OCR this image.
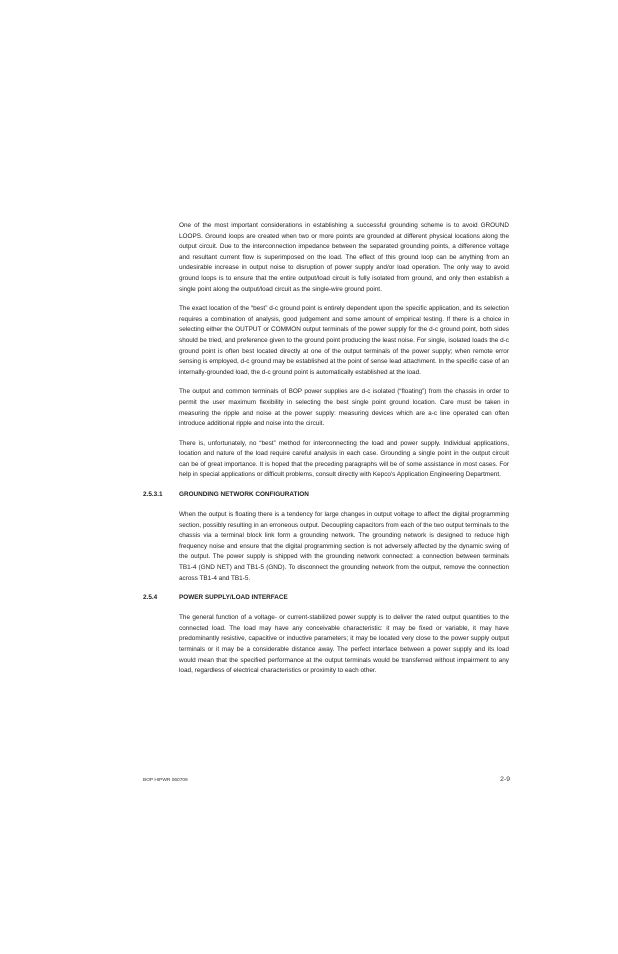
One of the most important considerations in establishing a successful grounding scheme is to avoid GROUND LOOPS. Ground loops are created when two or more points are grounded at different physical locations along the output circuit. Due to the interconnection impedance between the separated grounding points, a difference voltage and resultant current flow is superimposed on the load. The effect of this ground loop can be anything from an undesirable increase in output noise to disruption of power supply and/or load operation. The only way to avoid ground loops is to ensure that the entire output/load circuit is fully isolated from ground, and only then establish a single point along the output/load circuit as the single-wire ground point.

The exact location of the “best” d-c ground point is entirely dependent upon the specific application, and its selection requires a combination of analysis, good judgement and some amount of empirical testing. If there is a choice in selecting either the OUTPUT or COMMON output terminals of the power supply for the d-c ground point, both sides should be tried, and preference given to the ground point producing the least noise. For single, isolated loads the d-c ground point is often best located directly at one of the output terminals of the power supply; when remote error sensing is employed, d-c ground may be established at the point of sense lead attachment. In the specific case of an internally-grounded load, the d-c ground point is automatically established at the load.

The output and common terminals of BOP power supplies are d-c isolated (“floating”) from the chassis in order to permit the user maximum flexibility in selecting the best single point ground location. Care must be taken in measuring the ripple and noise at the power supply: measuring devices which are a-c line operated can often introduce additional ripple and noise into the circuit.

There is, unfortunately, no “best” method for interconnecting the load and power supply. Individual applications, location and nature of the load require careful analysis in each case. Grounding a single point in the output circuit can be of great importance. It is hoped that the preceding paragraphs will be of some assistance in most cases. For help in special applications or difficult problems, consult directly with Kepco's Application Engineering Department.

2.5.3.1	GROUNDING NETWORK CONFIGURATION

When the output is floating there is a tendency for large changes in output voltage to affect the digital programming section, possibly resulting in an erroneous output. Decoupling capacitors from each of the two output terminals to the chassis via a terminal block link form a grounding network. The grounding network is designed to reduce high frequency noise and ensure that the digital programming section is not adversely affected by the dynamic swing of the output. The power supply is shipped with the grounding network connected: a connection between terminals TB1-4 (GND NET) and TB1-5 (GND). To disconnect the grounding network from the output, remove the connection across TB1-4 and TB1-5.

2.5.4	POWER SUPPLY/LOAD INTERFACE

The general function of a voltage- or current-stabilized power supply is to deliver the rated output quantities to the connected load. The load may have any conceivable characteristic: it may be fixed or variable, it may have predominantly resistive, capacitive or inductive parameters; it may be located very close to the power supply output terminals or it may be a considerable distance away. The perfect interface between a power supply and its load would mean that the specified performance at the output terminals would be transferred without impairment to any load, regardless of electrical characteristics or proximity to each other.

BOP HIPWR 060709	2-9
